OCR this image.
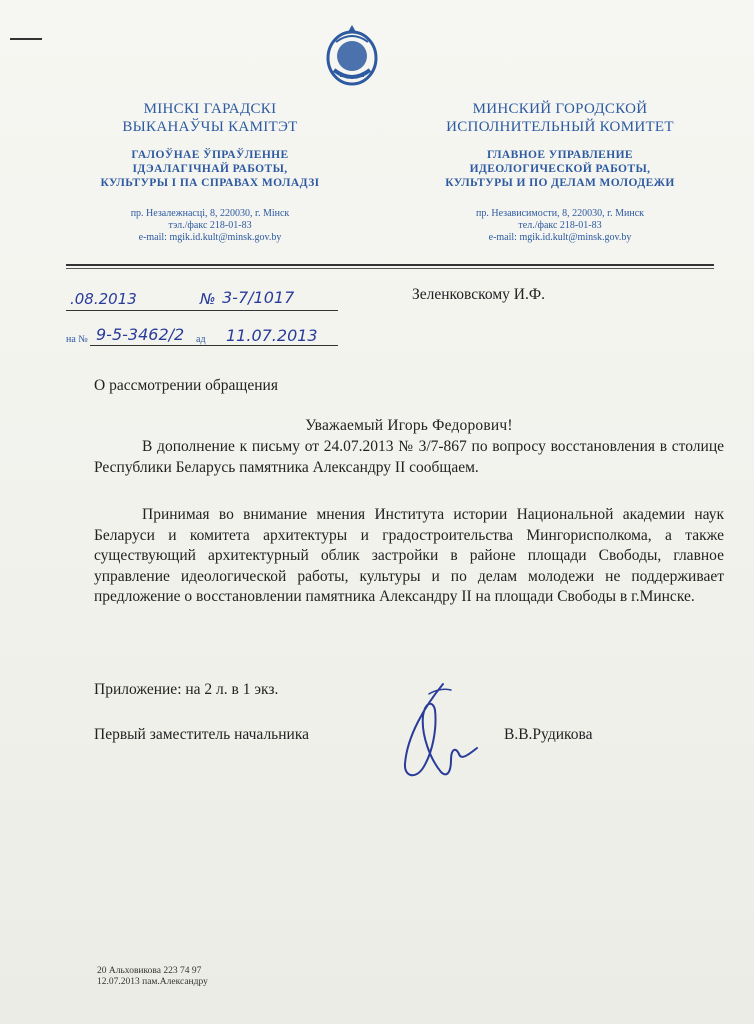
МІНСКІ ГАРАДСКІ
ВЫКАНАЎЧЫ КАМІТЭТ
ГАЛОЎНАЕ ЎПРАЎЛЕННЕ
ІДЭАЛАГІЧНАЙ РАБОТЫ,
КУЛЬТУРЫ І ПА СПРАВАХ МОЛАДЗІ
пр. Незалежнасці, 8, 220030, г. Мінск
тэл./факс 218-01-83
e-mail: mgik.id.kult@minsk.gov.by
МИНСКИЙ ГОРОДСКОЙ
ИСПОЛНИТЕЛЬНЫЙ КОМИТЕТ
ГЛАВНОЕ УПРАВЛЕНИЕ
ИДЕОЛОГИЧЕСКОЙ РАБОТЫ,
КУЛЬТУРЫ И ПО ДЕЛАМ МОЛОДЕЖИ
пр. Независимости, 8, 220030, г. Минск
тел./факс 218-01-83
e-mail: mgik.id.kult@minsk.gov.by
.08.2013	№ 3-7/1017
на № 9-5-3462/2 ад 11.07.2013
Зеленковскому И.Ф.
О рассмотрении обращения
Уважаемый Игорь Федорович!

В дополнение к письму от 24.07.2013 № 3/7-867 по вопросу восстановления в столице Республики Беларусь памятника Александру II сообщаем.

Принимая во внимание мнения Института истории Национальной академии наук Беларуси и комитета архитектуры и градостроительства Мингорисполкома, а также существующий архитектурный облик застройки в районе площади Свободы, главное управление идеологической работы, культуры и по делам молодежи не поддерживает предложение о восстановлении памятника Александру II на площади Свободы в г.Минске.

Приложение: на 2 л. в 1 экз.
Первый заместитель начальника	В.В.Рудикова
20 Альховикова 223 74 97
12.07.2013 пам.Александру
